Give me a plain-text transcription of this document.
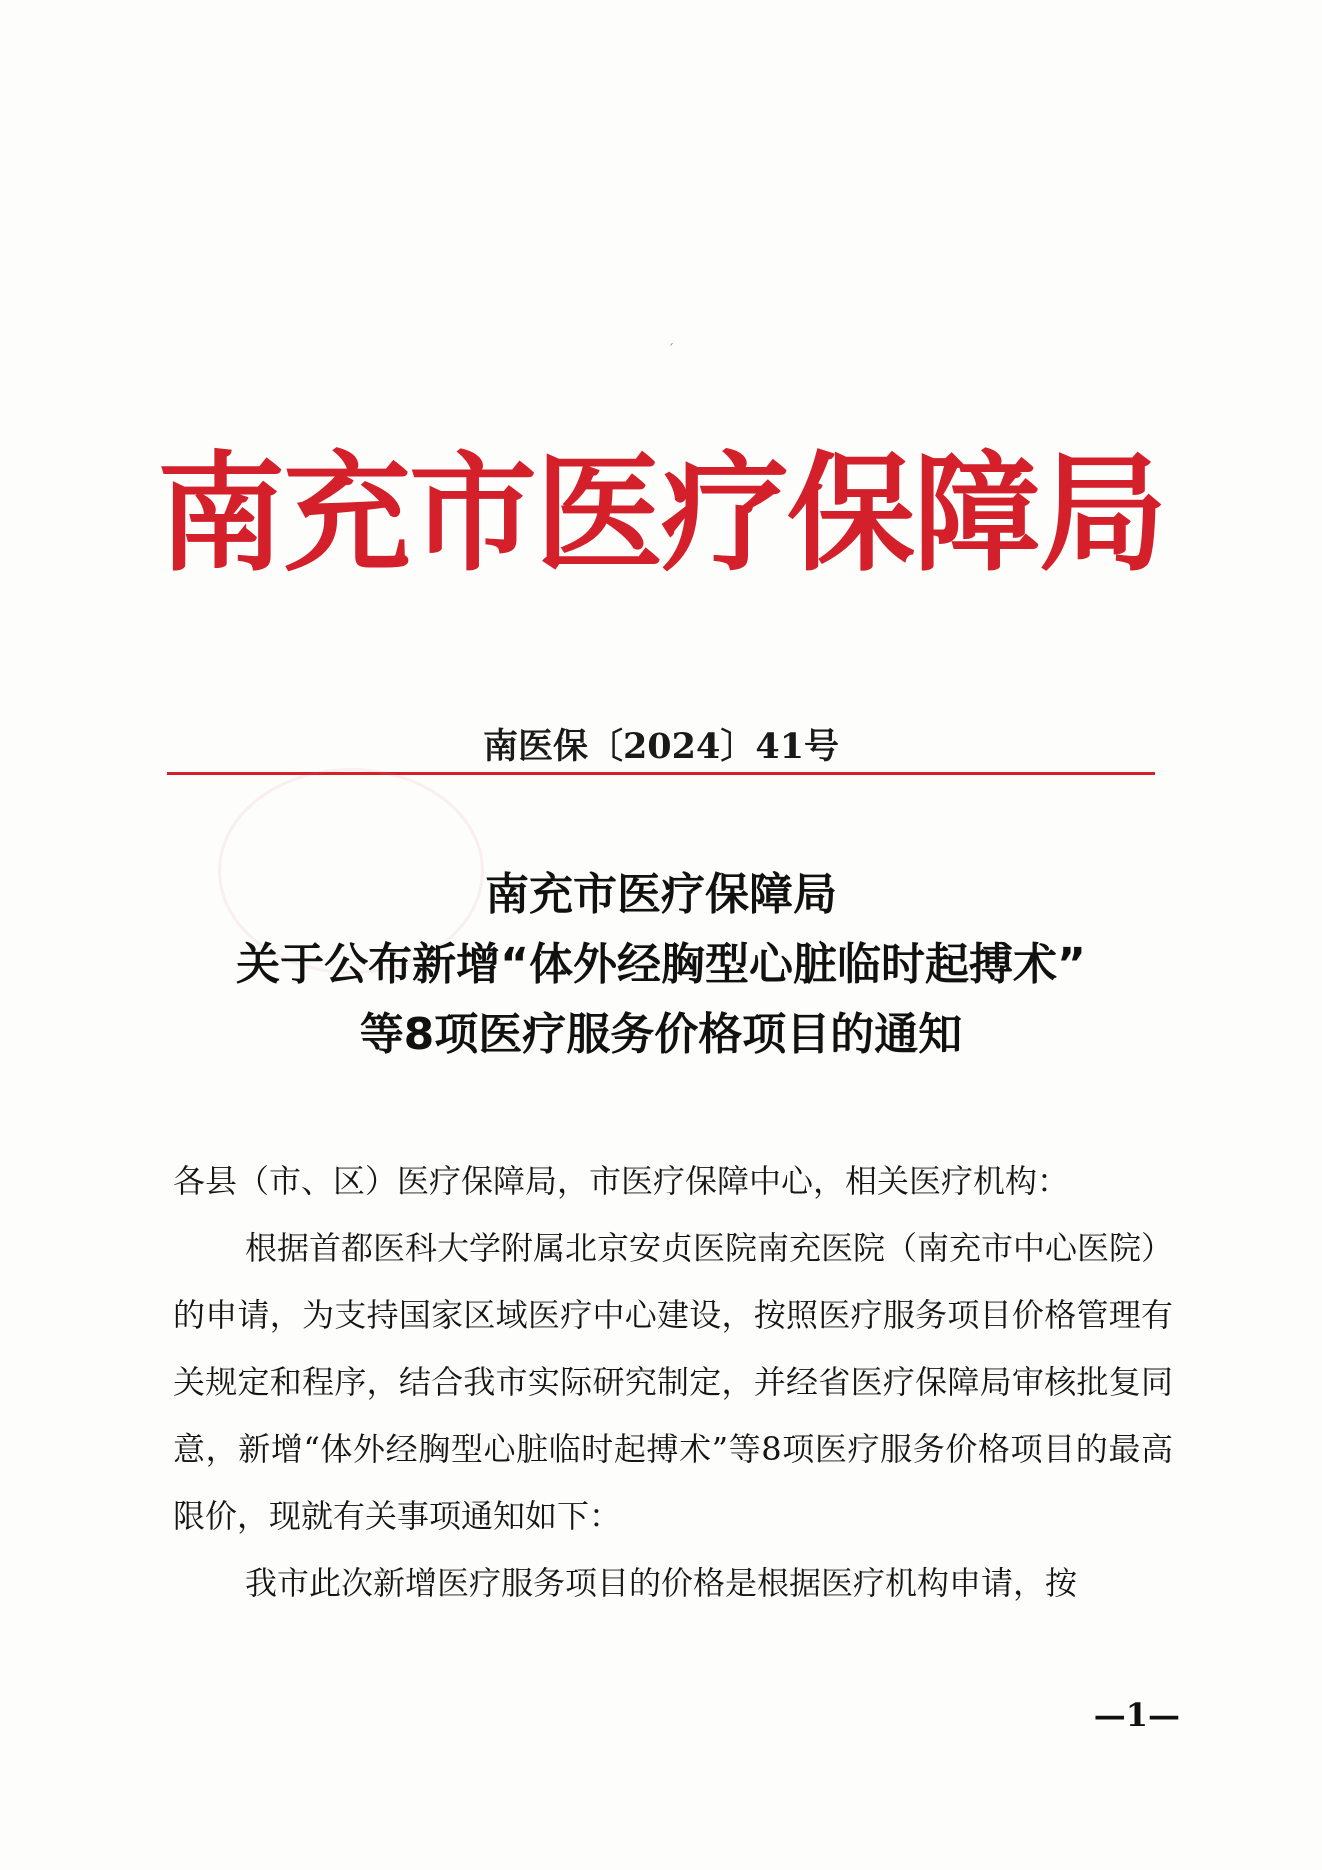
ˊ
南充市医疗保障局
南医保〔2024〕41号
南充市医疗保障局
关于公布新增“体外经胸型心脏临时起搏术”
等8项医疗服务价格项目的通知
各县（市、区）医疗保障局，市医疗保障中心，相关医疗机构：
根据首都医科大学附属北京安贞医院南充医院（南充市中心医院）的申请，为支持国家区域医疗中心建设，按照医疗服务项目价格管理有关规定和程序，结合我市实际研究制定，并经省医疗保障局审核批复同意，新增“体外经胸型心脏临时起搏术”等8项医疗服务价格项目的最高限价，现就有关事项通知如下：
我市此次新增医疗服务项目的价格是根据医疗机构申请，按
—1—
